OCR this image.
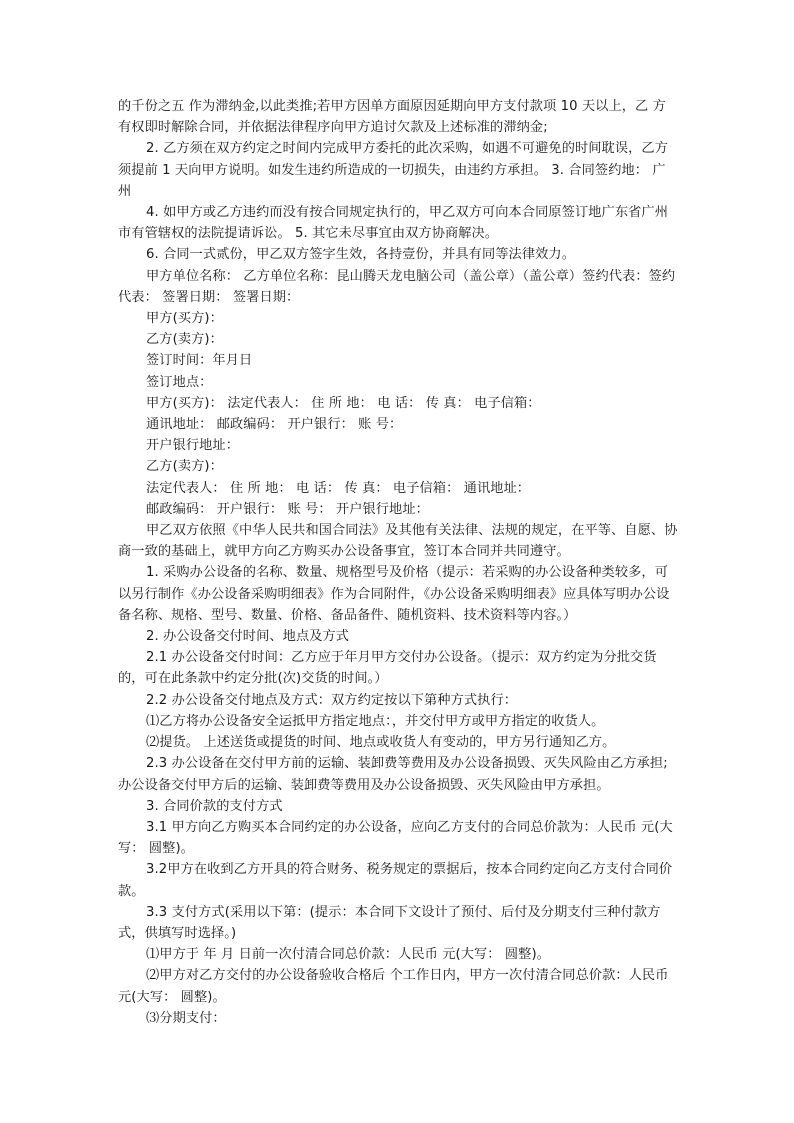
的千份之五 作为滞纳金,以此类推;若甲方因单方面原因延期向甲方支付款项 10 天以上，乙 方有权即时解除合同，并依据法律程序向甲方追讨欠款及上述标准的滞纳金;

2. 乙方须在双方约定之时间内完成甲方委托的此次采购，如遇不可避免的时间耽误，乙方须提前 1 天向甲方说明。如发生违约所造成的一切损失，由违约方承担。 3. 合同签约地： 广州

4. 如甲方或乙方违约而没有按合同规定执行的，甲乙双方可向本合同原签订地广东省广州市有管辖权的法院提请诉讼。 5. 其它未尽事宜由双方协商解决。

6. 合同一式贰份，甲乙双方签字生效，各持壹份，并具有同等法律效力。

甲方单位名称： 乙方单位名称：昆山腾天龙电脑公司（盖公章）（盖公章）签约代表：签约代表： 签署日期： 签署日期：

甲方(买方)：

乙方(卖方)：

签订时间：年月日

签订地点：

甲方(买方)： 法定代表人： 住 所 地： 电 话： 传 真： 电子信箱：

通讯地址： 邮政编码： 开户银行： 账 号：

开户银行地址：

乙方(卖方)：

法定代表人： 住 所 地： 电 话： 传 真： 电子信箱： 通讯地址：

邮政编码： 开户银行： 账 号： 开户银行地址：

甲乙双方依照《中华人民共和国合同法》及其他有关法律、法规的规定，在平等、自愿、协商一致的基础上，就甲方向乙方购买办公设备事宜，签订本合同并共同遵守。

1. 采购办公设备的名称、数量、规格型号及价格（提示：若采购的办公设备种类较多，可以另行制作《办公设备采购明细表》作为合同附件，《办公设备采购明细表》应具体写明办公设备名称、规格、型号、数量、价格、备品备件、随机资料、技术资料等内容。）

2. 办公设备交付时间、地点及方式

2.1 办公设备交付时间：乙方应于年月甲方交付办公设备。（提示：双方约定为分批交货的，可在此条款中约定分批(次)交货的时间。）

2.2 办公设备交付地点及方式：双方约定按以下第种方式执行：

⑴乙方将办公设备安全运抵甲方指定地点：，并交付甲方或甲方指定的收货人。

⑵提货。 上述送货或提货的时间、地点或收货人有变动的，甲方另行通知乙方。

2.3 办公设备在交付甲方前的运输、装卸费等费用及办公设备损毁、灭失风险由乙方承担;办公设备交付甲方后的运输、装卸费等费用及办公设备损毁、灭失风险由甲方承担。

3. 合同价款的支付方式

3.1 甲方向乙方购买本合同约定的办公设备，应向乙方支付的合同总价款为：人民币 元(大写： 圆整)。

3.2甲方在收到乙方开具的符合财务、税务规定的票据后，按本合同约定向乙方支付合同价款。

3.3 支付方式(采用以下第：(提示：本合同下文设计了预付、后付及分期支付三种付款方式，供填写时选择。)

⑴甲方于 年 月 日前一次付清合同总价款：人民币 元(大写： 圆整)。

⑵甲方对乙方交付的办公设备验收合格后 个工作日内，甲方一次付清合同总价款：人民币 元(大写： 圆整)。

⑶分期支付：
